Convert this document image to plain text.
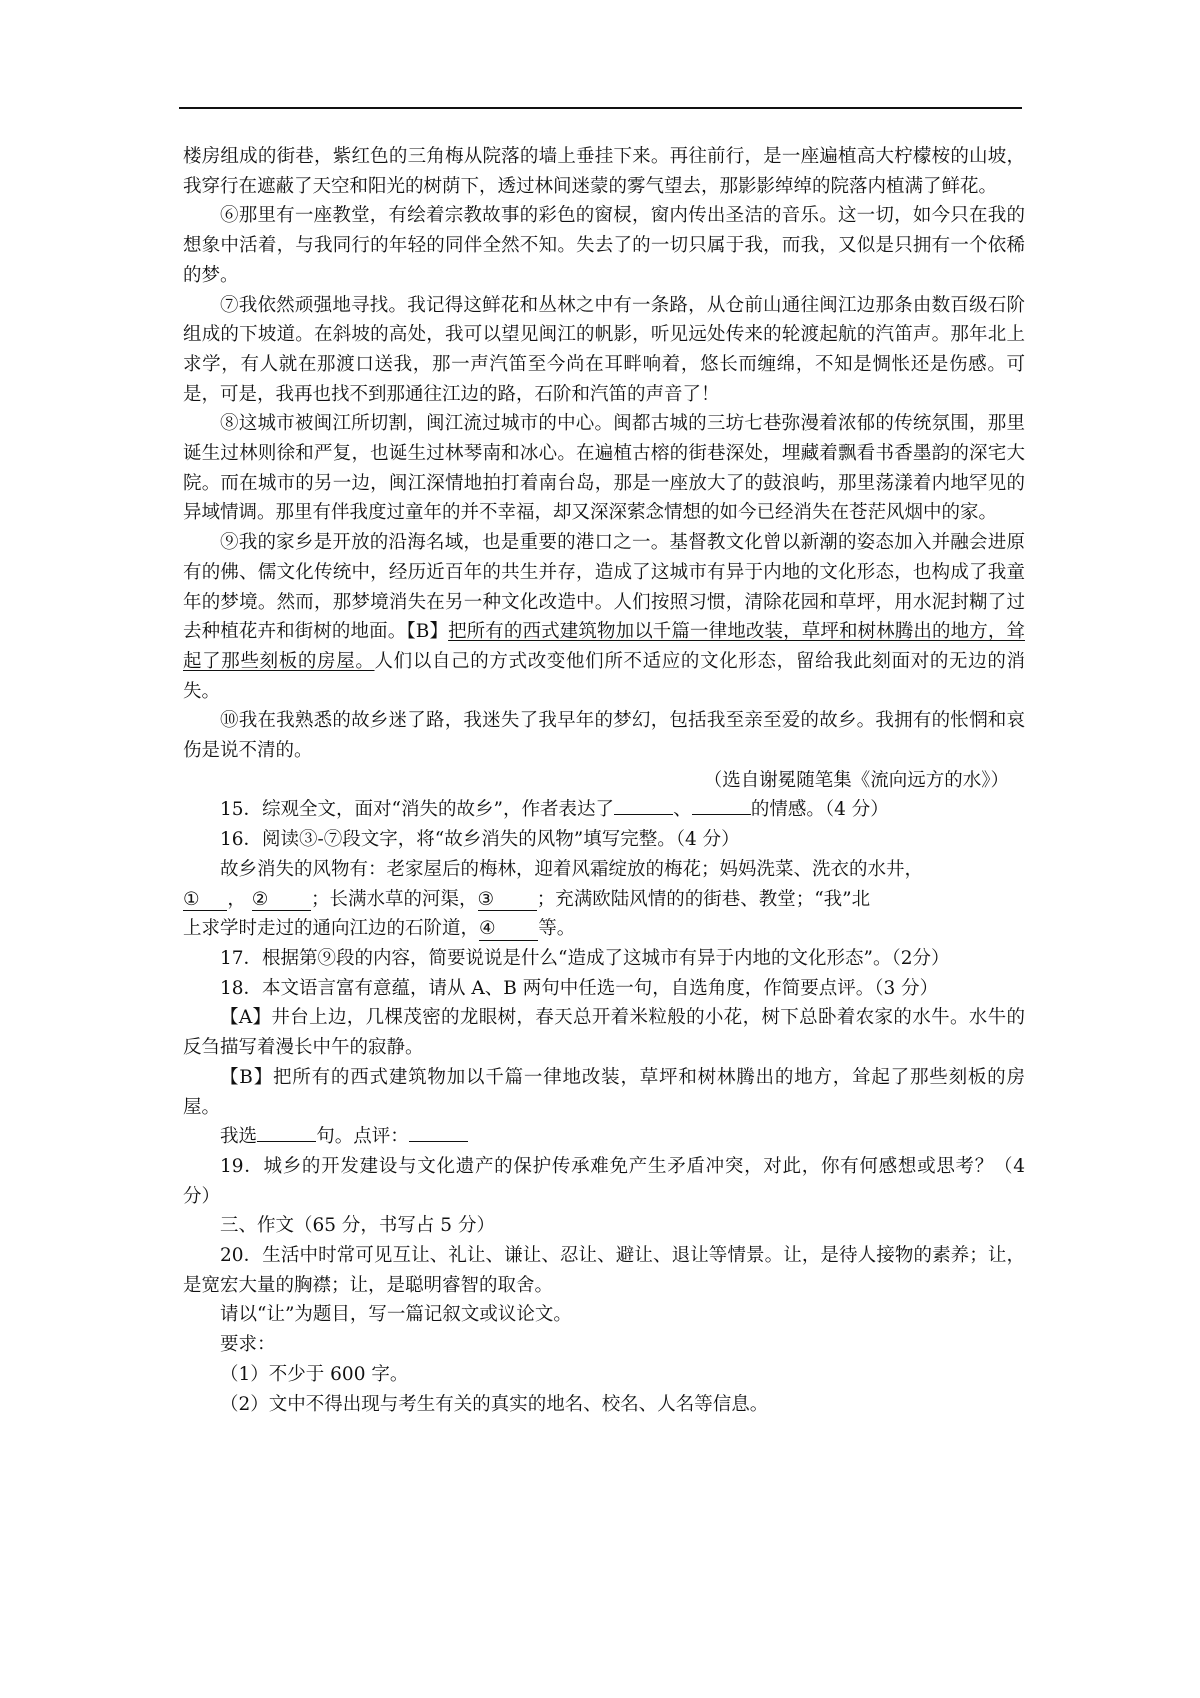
楼房组成的街巷，紫红色的三角梅从院落的墙上垂挂下来。再往前行，是一座遍植高大柠檬桉的山坡，我穿行在遮蔽了天空和阳光的树荫下，透过林间迷蒙的雾气望去，那影影绰绰的院落内植满了鲜花。

⑥那里有一座教堂，有绘着宗教故事的彩色的窗棂，窗内传出圣洁的音乐。这一切，如今只在我的想象中活着，与我同行的年轻的同伴全然不知。失去了的一切只属于我，而我，又似是只拥有一个依稀的梦。

⑦我依然顽强地寻找。我记得这鲜花和丛林之中有一条路，从仓前山通往闽江边那条由数百级石阶组成的下坡道。在斜坡的高处，我可以望见闽江的帆影，听见远处传来的轮渡起航的汽笛声。那年北上求学，有人就在那渡口送我，那一声汽笛至今尚在耳畔响着，悠长而缠绵，不知是惆怅还是伤感。可是，可是，我再也找不到那通往江边的路，石阶和汽笛的声音了！

⑧这城市被闽江所切割，闽江流过城市的中心。闽都古城的三坊七巷弥漫着浓郁的传统氛围，那里诞生过林则徐和严复，也诞生过林琴南和冰心。在遍植古榕的街巷深处，埋藏着飘看书香墨韵的深宅大院。而在城市的另一边，闽江深情地拍打着南台岛，那是一座放大了的鼓浪屿，那里荡漾着内地罕见的异域情调。那里有伴我度过童年的并不幸福，却又深深萦念情想的如今已经消失在苍茫风烟中的家。

⑨我的家乡是开放的沿海名域，也是重要的港口之一。基督教文化曾以新潮的姿态加入并融会进原有的佛、儒文化传统中，经历近百年的共生并存，造成了这城市有异于内地的文化形态，也构成了我童年的梦境。然而，那梦境消失在另一种文化改造中。人们按照习惯，清除花园和草坪，用水泥封糊了过去种植花卉和街树的地面。【B】把所有的西式建筑物加以千篇一律地改装，草坪和树林腾出的地方，耸起了那些刻板的房屋。人们以自己的方式改变他们所不适应的文化形态，留给我此刻面对的无边的消失。

⑩我在我熟悉的故乡迷了路，我迷失了我早年的梦幻，包括我至亲至爱的故乡。我拥有的怅惘和哀伤是说不清的。

（选自谢冕随笔集《流向远方的水》）

15．综观全文，面对“消失的故乡”，作者表达了	、	的情感。（4 分）

16．阅读③-⑦段文字，将“故乡消失的风物”填写完整。（4 分）

故乡消失的风物有：老家屋后的梅林，迎着风霜绽放的梅花；妈妈洗菜、洗衣的水井，

① ， ② ；长满水草的河渠，③ ；充满欧陆风情的的街巷、教堂；“我”北

上求学时走过的通向江边的石阶道，④ 等。

17．根据第⑨段的内容，简要说说是什么“造成了这城市有异于内地的文化形态”。（2分）

18．本文语言富有意蕴，请从 A、B 两句中任选一句，自选角度，作简要点评。（3 分）

【A】井台上边，几棵茂密的龙眼树，春天总开着米粒般的小花，树下总卧着农家的水牛。水牛的反刍描写着漫长中午的寂静。

【B】把所有的西式建筑物加以千篇一律地改装，草坪和树林腾出的地方，耸起了那些刻板的房屋。

我选	句。点评：

19．城乡的开发建设与文化遗产的保护传承难免产生矛盾冲突，对此，你有何感想或思考？（4 分）

三、作文（65 分，书写占 5 分）

20．生活中时常可见互让、礼让、谦让、忍让、避让、退让等情景。让，是待人接物的素养；让，是宽宏大量的胸襟；让，是聪明睿智的取舍。

请以“让”为题目，写一篇记叙文或议论文。

要求：

（1）不少于 600 字。

（2）文中不得出现与考生有关的真实的地名、校名、人名等信息。
